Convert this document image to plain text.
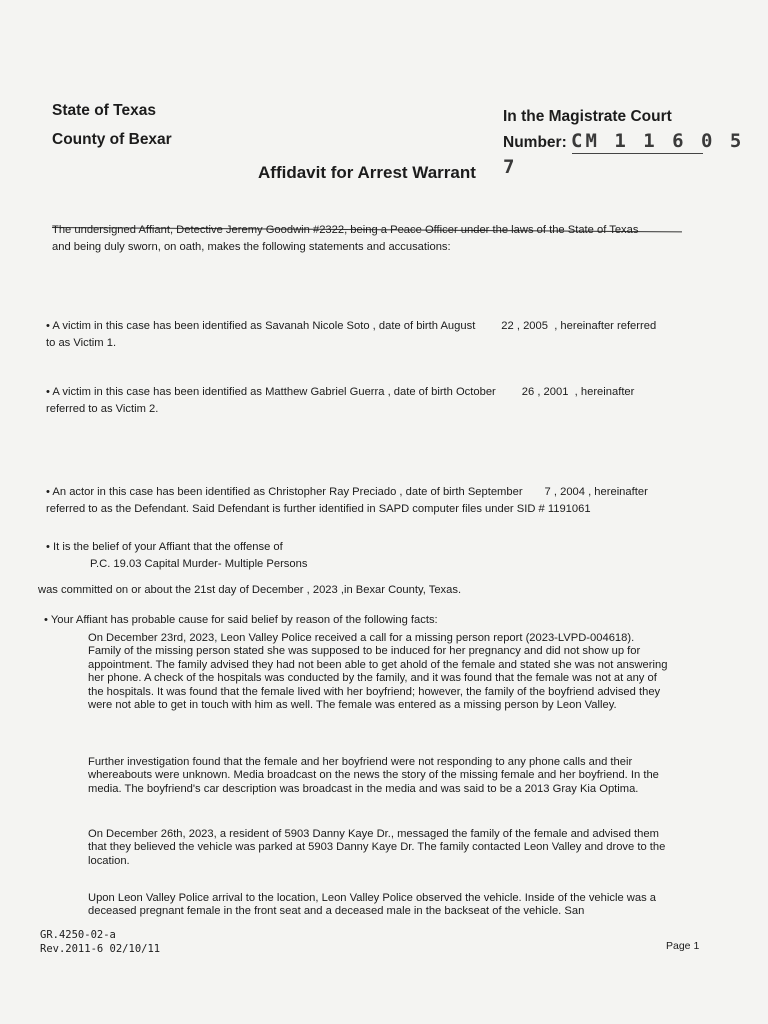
State of Texas
County of Bexar
In the Magistrate Court
Number: CM 1 1 6 0 5 7
Affidavit for Arrest Warrant
The undersigned Affiant, Detective Jeremy Goodwin #2322, being a Peace Officer under the laws of the State of Texas
and being duly sworn, on oath, makes the following statements and accusations:
• A victim in this case has been identified as Savanah Nicole Soto , date of birth August 22 , 2005 , hereinafter referred
to as Victim 1.
• A victim in this case has been identified as Matthew Gabriel Guerra , date of birth October 26 , 2001 , hereinafter
referred to as Victim 2.
• An actor in this case has been identified as Christopher Ray Preciado , date of birth September 7 , 2004 , hereinafter
referred to as the Defendant. Said Defendant is further identified in SAPD computer files under SID # 1191061
• It is the belief of your Affiant that the offense of
P.C. 19.03 Capital Murder- Multiple Persons
was committed on or about the 21st day of December , 2023 ,in Bexar County, Texas.
• Your Affiant has probable cause for said belief by reason of the following facts:
On December 23rd, 2023, Leon Valley Police received a call for a missing person report (2023-LVPD-004618). Family of the missing person stated she was supposed to be induced for her pregnancy and did not show up for appointment. The family advised they had not been able to get ahold of the female and stated she was not answering her phone. A check of the hospitals was conducted by the family, and it was found that the female was not at any of the hospitals. It was found that the female lived with her boyfriend; however, the family of the boyfriend advised they were not able to get in touch with him as well. The female was entered as a missing person by Leon Valley.
Further investigation found that the female and her boyfriend were not responding to any phone calls and their whereabouts were unknown. Media broadcast on the news the story of the missing female and her boyfriend. In the media. The boyfriend's car description was broadcast in the media and was said to be a 2013 Gray Kia Optima.
On December 26th, 2023, a resident of 5903 Danny Kaye Dr., messaged the family of the female and advised them that they believed the vehicle was parked at 5903 Danny Kaye Dr. The family contacted Leon Valley and drove to the location.
Upon Leon Valley Police arrival to the location, Leon Valley Police observed the vehicle. Inside of the vehicle was a deceased pregnant female in the front seat and a deceased male in the backseat of the vehicle. San
GR.4250-02-a
Rev.2011-6 02/10/11	Page 1
